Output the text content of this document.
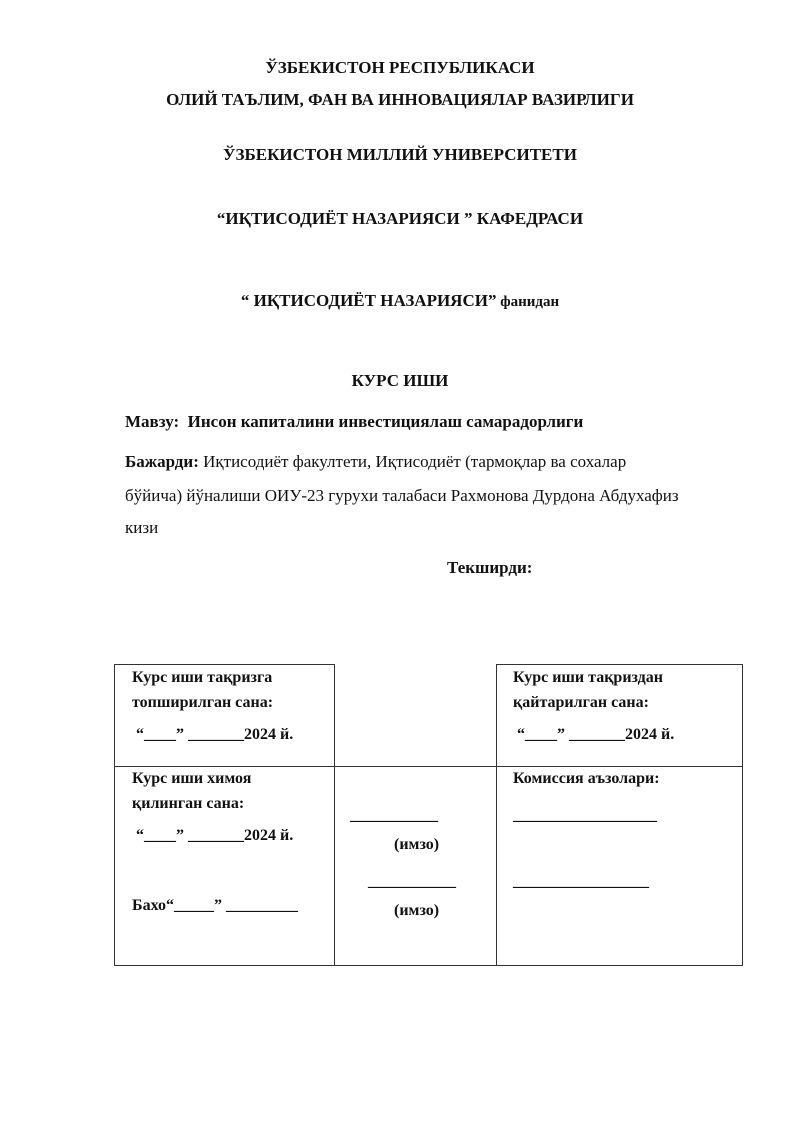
ЎЗБЕКИСТОН РЕСПУБЛИКАСИ
ОЛИЙ ТАЪЛИМ, ФАН ВА ИННОВАЦИЯЛАР ВАЗИРЛИГИ
ЎЗБЕКИСТОН МИЛЛИЙ УНИВЕРСИТЕТИ
“ИҚТИСОДИЁТ НАЗАРИЯСИ ” КАФЕДРАСИ
“ ИҚТИСОДИЁТ НАЗАРИЯСИ” фанидан
КУРС ИШИ
Мавзу: Инсон капиталини инвестициялаш самарадорлиги
Бажарди: Иқтисодиёт факултети, Иқтисодиёт (тармоқлар ва сохалар
бўйича) йўналиши ОИУ-23 гурухи талабаси Рахмонова Дурдона Абдухафиз
кизи
Текширди:
Курс иши тақризга
топширилган сана:
“____” _______2024 й.
Курс иши тақриздан
қайтарилган сана:
“____” _______2024 й.
Курс иши химоя
қилинган сана:
“____” _______2024 й.
Бахо“_____” _________
___________
(имзо)
___________
(имзо)
Комиссия аъзолари:
__________________
_________________
